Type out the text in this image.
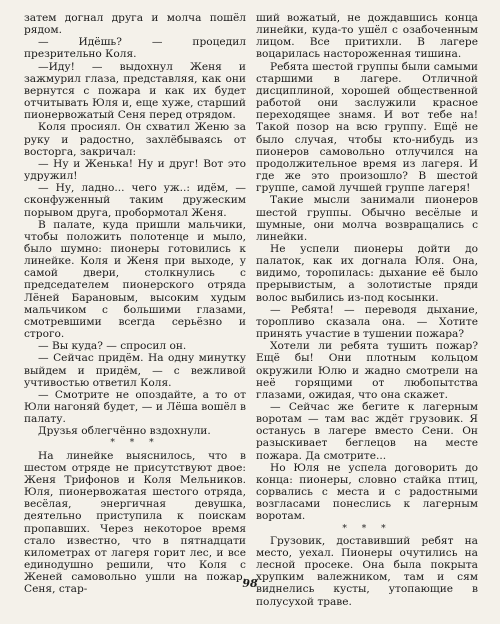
затем догнал друга и молча пошёл рядом.

— Идёшь? — процедил презрительно Коля.

—Иду! — выдохнул Женя и зажмурил глаза, представляя, как они вернутся с пожара и как их будет отчитывать Юля и, еще хуже, старший пионервожатый Сеня перед отрядом.

Коля просиял. Он схватил Женю за руку и радостно, захлёбываясь от восторга, закричал:

— Ну и Женька! Ну и друг! Вот это удружил!

— Ну, ладно... чего уж..: идём, — сконфуженный таким дружеским порывом друга, пробормотал Женя.

В палате, куда пришли мальчики, чтобы положить полотенце и мыло, было шумно: пионеры готовились к линейке. Коля и Женя при выходе, у самой двери, столкнулись с председателем пионерского отряда Лёней Барановым, высоким худым мальчиком с большими глазами, смотревшими всегда серьёзно и строго.

— Вы куда? — спросил он.

— Сейчас придём. На одну минутку выйдем и придём, — с вежливой учтивостью ответил Коля.

— Смотрите не опоздайте, а то от Юли нагоняй будет, — и Лёша вошёл в палату.

Друзья облегчённо вздохнули.

* * *

На линейке выяснилось, что в шестом отряде не присутствуют двое: Женя Трифонов и Коля Мельников. Юля, пионервожатая шестого отряда, весёлая, энергичная девушка, деятельно приступила к поискам пропавших. Через некоторое время стало известно, что в пятнадцати километрах от лагеря горит лес, и все единодушно решили, что Коля с Женей самовольно ушли на пожар. Сеня, стар-

ший вожатый, не дождавшись конца линейки, куда-то ушёл с озабоченным лицом. Все притихли. В лагере воцарилась настороженная тишина.

Ребята шестой группы были самыми старшими в лагере. Отличной дисциплиной, хорошей общественной работой они заслужили красное переходящее знамя. И вот тебе на! Такой позор на всю группу. Ещё не было случая, чтобы кто-нибудь из пионеров самовольно отлучился на продолжительное время из лагеря. И где же это произошло? В шестой группе, самой лучшей группе лагеря!

Такие мысли занимали пионеров шестой группы. Обычно весёлые и шумные, они молча возвращались с линейки.

Не успели пионеры дойти до палаток, как их догнала Юля. Она, видимо, торопилась: дыхание её было прерывистым, а золотистые пряди волос выбились из-под косынки.

— Ребята! — переводя дыхание, торопливо сказала она. — Хотите принять участие в тушении пожара?

Хотели ли ребята тушить пожар? Ещё бы! Они плотным кольцом окружили Юлю и жадно смотрели на неё горящими от любопытства глазами, ожидая, что она скажет.

— Сейчас же бегите к лагерным воротам — там вас ждёт грузовик. Я останусь в лагере вместо Сени. Он разыскивает беглецов на месте пожара. Да смотрите...

Но Юля не успела договорить до конца: пионеры, словно стайка птиц, сорвались с места и с радостными возгласами понеслись к лагерным воротам.

* * *

Грузовик, доставивший ребят на место, уехал. Пионеры очутились на лесной просеке. Она была покрыта хрупким валежником, там и сям виднелись кусты, утопающие в полусухой траве.

98
